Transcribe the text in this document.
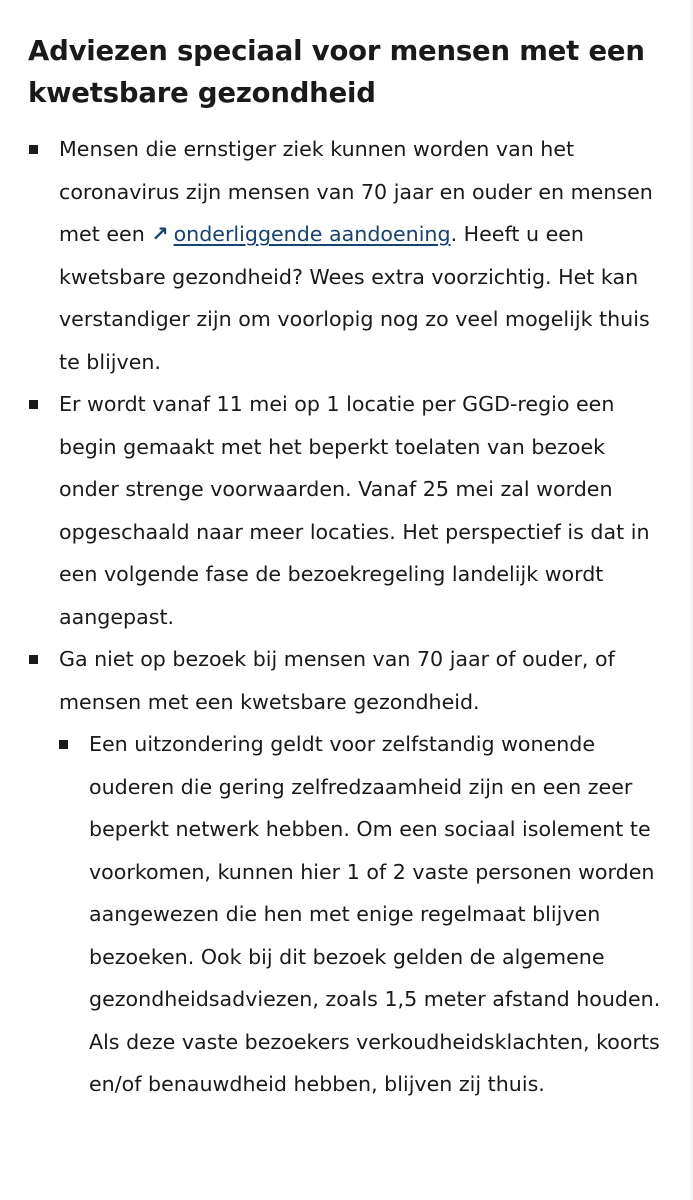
Adviezen speciaal voor mensen met een kwetsbare gezondheid
Mensen die ernstiger ziek kunnen worden van het coronavirus zijn mensen van 70 jaar en ouder en mensen met een ↗ onderliggende aandoening. Heeft u een kwetsbare gezondheid? Wees extra voorzichtig. Het kan verstandiger zijn om voorlopig nog zo veel mogelijk thuis te blijven.
Er wordt vanaf 11 mei op 1 locatie per GGD-regio een begin gemaakt met het beperkt toelaten van bezoek onder strenge voorwaarden. Vanaf 25 mei zal worden opgeschaald naar meer locaties. Het perspectief is dat in een volgende fase de bezoekregeling landelijk wordt aangepast.
Ga niet op bezoek bij mensen van 70 jaar of ouder, of mensen met een kwetsbare gezondheid.
Een uitzondering geldt voor zelfstandig wonende ouderen die gering zelfredzaamheid zijn en een zeer beperkt netwerk hebben. Om een sociaal isolement te voorkomen, kunnen hier 1 of 2 vaste personen worden aangewezen die hen met enige regelmaat blijven bezoeken. Ook bij dit bezoek gelden de algemene gezondheidsadviezen, zoals 1,5 meter afstand houden. Als deze vaste bezoekers verkoudheidsklachten, koorts en/of benauwdheid hebben, blijven zij thuis.
